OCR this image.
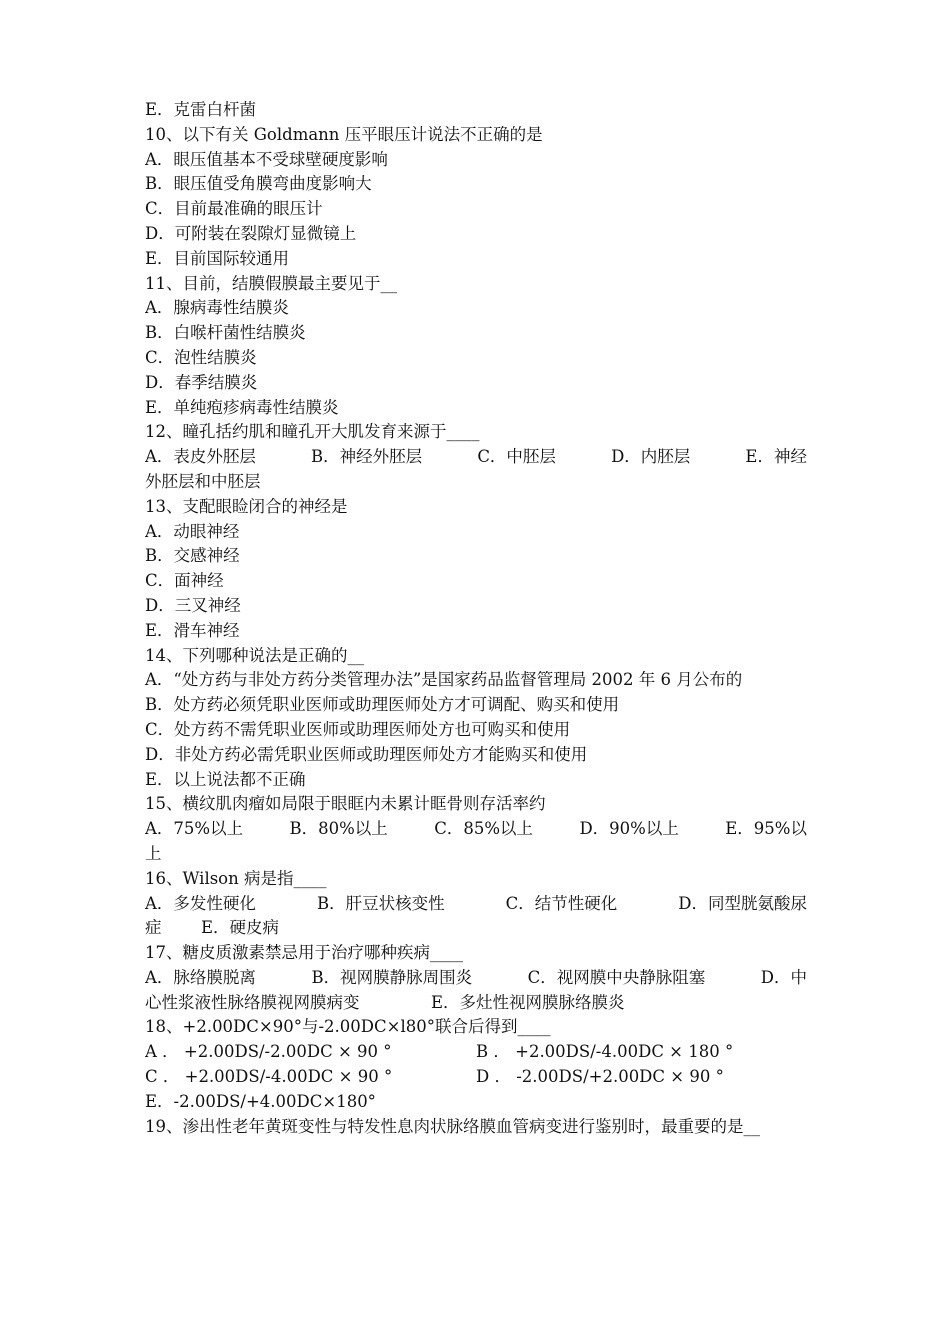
E．克雷白杆菌
10、以下有关 Goldmann 压平眼压计说法不正确的是
A．眼压值基本不受球壁硬度影响
B．眼压值受角膜弯曲度影响大
C．目前最准确的眼压计
D．可附装在裂隙灯显微镜上
E．目前国际较通用
11、目前，结膜假膜最主要见于__
A．腺病毒性结膜炎
B．白喉杆菌性结膜炎
C．泡性结膜炎
D．春季结膜炎
E．单纯疱疹病毒性结膜炎
12、瞳孔括约肌和瞳孔开大肌发育来源于____
A．表皮外胚层	B．神经外胚层	C．中胚层	D．内胚层	E．神经
外胚层和中胚层
13、支配眼睑闭合的神经是
A．动眼神经
B．交感神经
C．面神经
D．三叉神经
E．滑车神经
14、下列哪种说法是正确的__
A．“处方药与非处方药分类管理办法”是国家药品监督管理局 2002 年 6 月公布的
B．处方药必须凭职业医师或助理医师处方才可调配、购买和使用
C．处方药不需凭职业医师或助理医师处方也可购买和使用
D．非处方药必需凭职业医师或助理医师处方才能购买和使用
E．以上说法都不正确
15、横纹肌肉瘤如局限于眼眶内未累计眶骨则存活率约
A．75%以上	B．80%以上	C．85%以上	D．90%以上	E．95%以
上
16、Wilson 病是指____
A．多发性硬化	B．肝豆状核变性	C．结节性硬化	D．同型胱氨酸尿
症 E．硬皮病
17、糖皮质激素禁忌用于治疗哪种疾病____
A．脉络膜脱离	B．视网膜静脉周围炎	C．视网膜中央静脉阻塞	D．中
心性浆液性脉络膜视网膜病变	E．多灶性视网膜脉络膜炎
18、+2.00DC×90°与-2.00DC×l80°联合后得到____
A ． +2.00DS/-2.00DC × 90 °	B ． +2.00DS/-4.00DC × 180 °
C ． +2.00DS/-4.00DC × 90 °	D ． -2.00DS/+2.00DC × 90 °
E．-2.00DS/+4.00DC×180°
19、渗出性老年黄斑变性与特发性息肉状脉络膜血管病变进行鉴别时，最重要的是__
